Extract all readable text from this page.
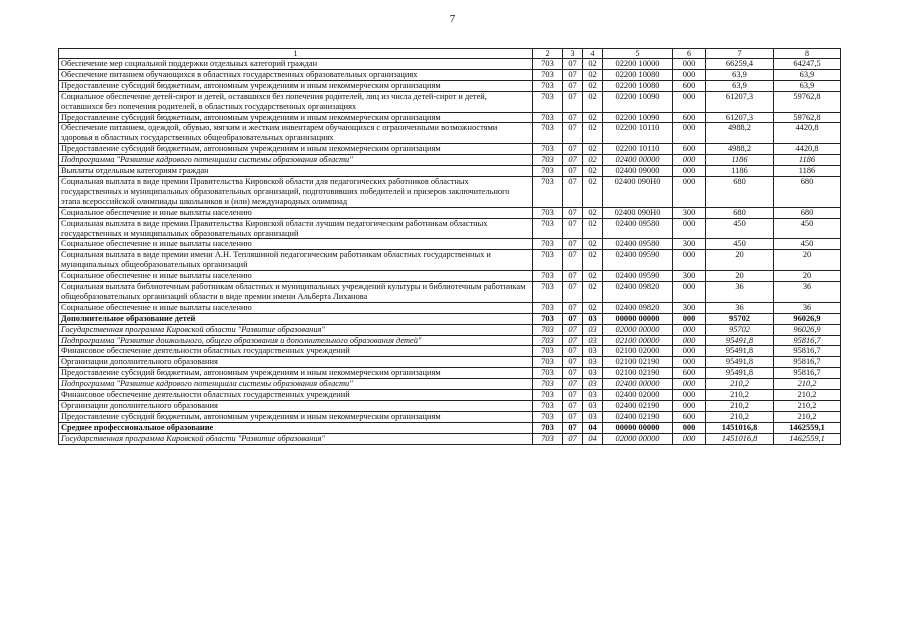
7
1	2	3	4	5	6	7	8
Обеспечение мер социальной поддержки отдельных категорий граждан	703	07	02	02200 10000	000	66259,4	64247,5
Обеспечение питанием обучающихся в областных государственных образовательных организациях	703	07	02	02200 10080	000	63,9	63,9
Предоставление субсидий бюджетным, автономным учреждениям и иным некоммерческим организациям	703	07	02	02200 10080	600	63,9	63,9
Социальное обеспечение детей-сирот и детей, оставшихся без попечения родителей, лиц из числа детей-сирот и детей, оставшихся без попечения родителей, в областных государственных организациях	703	07	02	02200 10090	000	61207,3	59762,8
Предоставление субсидий бюджетным, автономным учреждениям и иным некоммерческим организациям	703	07	02	02200 10090	600	61207,3	59762,8
Обеспечение питанием, одеждой, обувью, мягким и жестким инвентарем обучающихся с ограниченными возможностями здоровья в областных государственных общеобразовательных организациях	703	07	02	02200 10110	000	4988,2	4420,8
Предоставление субсидий бюджетным, автономным учреждениям и иным некоммерческим организациям	703	07	02	02200 10110	600	4988,2	4420,8
Подпрограмма "Развитие кадрового потенциала системы образования области"	703	07	02	02400 00000	000	1186	1186
Выплаты отдельным категориям граждан	703	07	02	02400 09000	000	1186	1186
Социальная выплата в виде премии Правительства Кировской области для педагогических работников областных государственных и муниципальных образовательных организаций, подготовивших победителей и призеров заключительного этапа всероссийской олимпиады школьников и (или) международных олимпиад	703	07	02	02400 090Н0	000	680	680
Социальное обеспечение и иные выплаты населению	703	07	02	02400 090Н0	300	680	680
Социальная выплата в виде премии Правительства Кировской области лучшим педагогическим работникам областных государственных и муниципальных образовательных организаций	703	07	02	02400 09580	000	450	450
Социальное обеспечение и иные выплаты населению	703	07	02	02400 09580	300	450	450
Социальная выплата в виде премии имени А.Н. Тепляшиной педагогическим работникам областных государственных и муниципальных общеобразовательных организаций	703	07	02	02400 09590	000	20	20
Социальное обеспечение и иные выплаты населению	703	07	02	02400 09590	300	20	20
Социальная выплата библиотечным работникам областных и муниципальных учреждений культуры и библиотечным работникам общеобразовательных организаций области в виде премии имени Альберта Лиханова	703	07	02	02400 09820	000	36	36
Социальное обеспечение и иные выплаты населению	703	07	02	02400 09820	300	36	36
Дополнительное образование детей	703	07	03	00000 00000	000	95702	96026,9
Государственная программа Кировской области "Развитие образования"	703	07	03	02000 00000	000	95702	96026,9
Подпрограмма "Развитие дошкольного, общего образования и дополнительного образования детей"	703	07	03	02100 00000	000	95491,8	95816,7
Финансовое обеспечение деятельности областных государственных учреждений	703	07	03	02100 02000	000	95491,8	95816,7
Организации дополнительного образования	703	07	03	02100 02190	000	95491,8	95816,7
Предоставление субсидий бюджетным, автономным учреждениям и иным некоммерческим организациям	703	07	03	02100 02190	600	95491,8	95816,7
Подпрограмма "Развитие кадрового потенциала системы образования области"	703	07	03	02400 00000	000	210,2	210,2
Финансовое обеспечение деятельности областных государственных учреждений	703	07	03	02400 02000	000	210,2	210,2
Организации дополнительного образования	703	07	03	02400 02190	000	210,2	210,2
Предоставление субсидий бюджетным, автономным учреждениям и иным некоммерческим организациям	703	07	03	02400 02190	600	210,2	210,2
Среднее профессиональное образование	703	07	04	00000 00000	000	1451016,8	1462559,1
Государственная программа Кировской области "Развитие образования"	703	07	04	02000 00000	000	1451016,8	1462559,1
